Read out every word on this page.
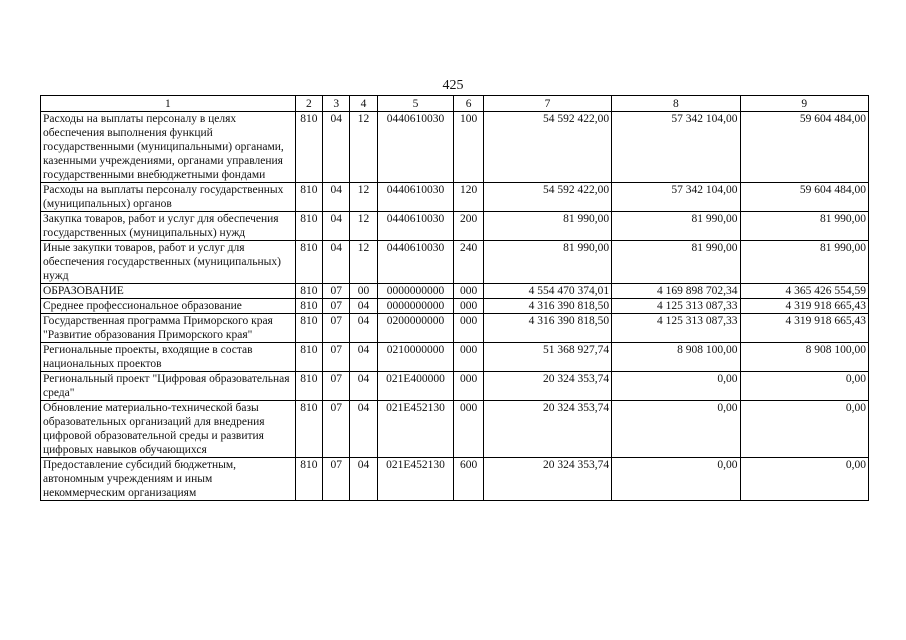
425
1	2	3	4	5	6	7	8	9
Расходы на выплаты персоналу в целях обеспечения выполнения функций государственными (муниципальными) органами, казенными учреждениями, органами управления государственными внебюджетными фондами	810	04	12	0440610030	100	54 592 422,00	57 342 104,00	59 604 484,00
Расходы на выплаты персоналу государственных (муниципальных) органов	810	04	12	0440610030	120	54 592 422,00	57 342 104,00	59 604 484,00
Закупка товаров, работ и услуг для обеспечения государственных (муниципальных) нужд	810	04	12	0440610030	200	81 990,00	81 990,00	81 990,00
Иные закупки товаров, работ и услуг для обеспечения государственных (муниципальных) нужд	810	04	12	0440610030	240	81 990,00	81 990,00	81 990,00
ОБРАЗОВАНИЕ	810	07	00	0000000000	000	4 554 470 374,01	4 169 898 702,34	4 365 426 554,59
Среднее профессиональное образование	810	07	04	0000000000	000	4 316 390 818,50	4 125 313 087,33	4 319 918 665,43
Государственная программа Приморского края "Развитие образования Приморского края"	810	07	04	0200000000	000	4 316 390 818,50	4 125 313 087,33	4 319 918 665,43
Региональные проекты, входящие в состав национальных проектов	810	07	04	0210000000	000	51 368 927,74	8 908 100,00	8 908 100,00
Региональный проект "Цифровая образовательная среда"	810	07	04	021E400000	000	20 324 353,74	0,00	0,00
Обновление материально-технической базы образовательных организаций для внедрения цифровой образовательной среды и развития цифровых навыков обучающихся	810	07	04	021E452130	000	20 324 353,74	0,00	0,00
Предоставление субсидий бюджетным, автономным учреждениям и иным некоммерческим организациям	810	07	04	021E452130	600	20 324 353,74	0,00	0,00
